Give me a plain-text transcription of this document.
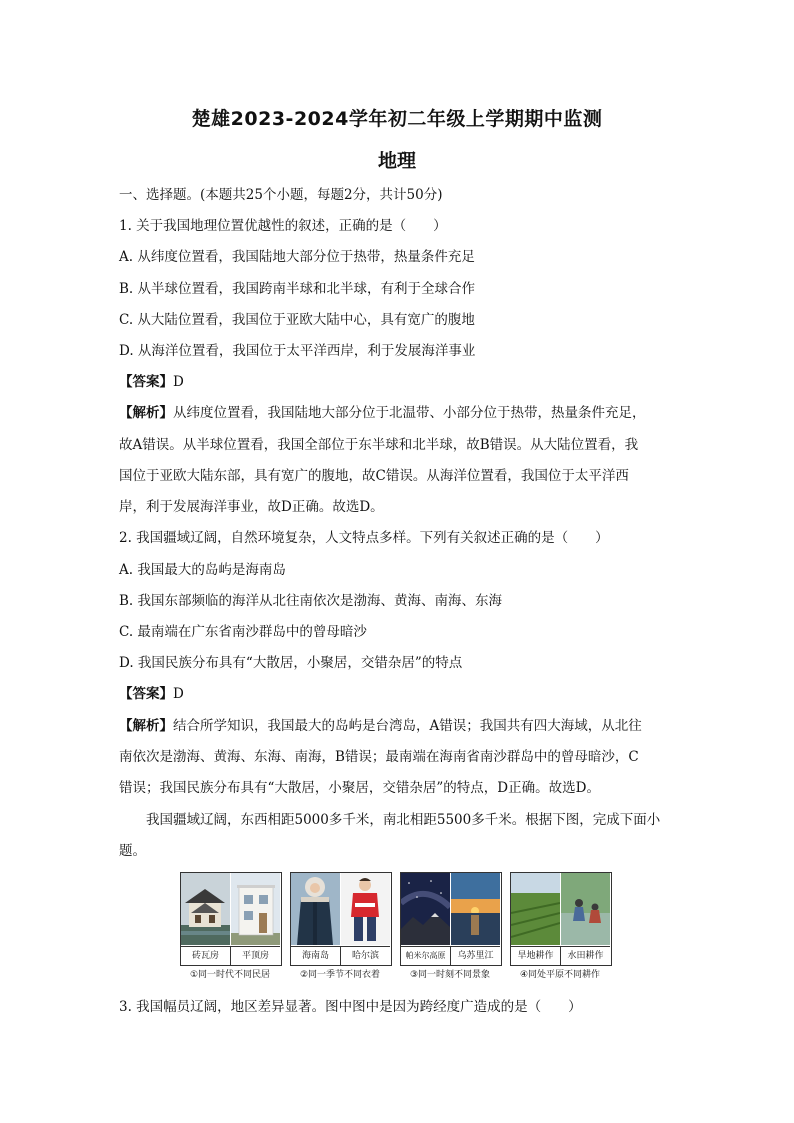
楚雄2023-2024学年初二年级上学期期中监测
地理
一、选择题。(本题共25个小题，每题2分，共计50分)
1. 关于我国地理位置优越性的叙述，正确的是（　　）
A. 从纬度位置看，我国陆地大部分位于热带，热量条件充足
B. 从半球位置看，我国跨南半球和北半球，有利于全球合作
C. 从大陆位置看，我国位于亚欧大陆中心，具有宽广的腹地
D. 从海洋位置看，我国位于太平洋西岸，利于发展海洋事业
【答案】D
【解析】从纬度位置看，我国陆地大部分位于北温带、小部分位于热带，热量条件充足，
故A错误。从半球位置看，我国全部位于东半球和北半球，故B错误。从大陆位置看，我
国位于亚欧大陆东部，具有宽广的腹地，故C错误。从海洋位置看，我国位于太平洋西
岸，利于发展海洋事业，故D正确。故选D。
2. 我国疆域辽阔，自然环境复杂，人文特点多样。下列有关叙述正确的是（　　）
A. 我国最大的岛屿是海南岛
B. 我国东部频临的海洋从北往南依次是渤海、黄海、南海、东海
C. 最南端在广东省南沙群岛中的曾母暗沙
D. 我国民族分布具有“大散居，小聚居，交错杂居”的特点
【答案】D
【解析】结合所学知识，我国最大的岛屿是台湾岛，A错误；我国共有四大海域，从北往
南依次是渤海、黄海、东海、南海，B错误；最南端在海南省南沙群岛中的曾母暗沙，C
错误；我国民族分布具有“大散居，小聚居，交错杂居”的特点，D正确。故选D。
　　我国疆域辽阔，东西相距5000多千米，南北相距5500多千米。根据下图，完成下面小
题。
砖瓦房	平顶房
①同一时代不同民居
海南岛	哈尔滨
②同一季节不同衣着
帕米尔高原	乌苏里江
③同一时刻不同景象
旱地耕作	水田耕作
④同处平原不同耕作
3. 我国幅员辽阔，地区差异显著。图中图中是因为跨经度广造成的是（　　）
